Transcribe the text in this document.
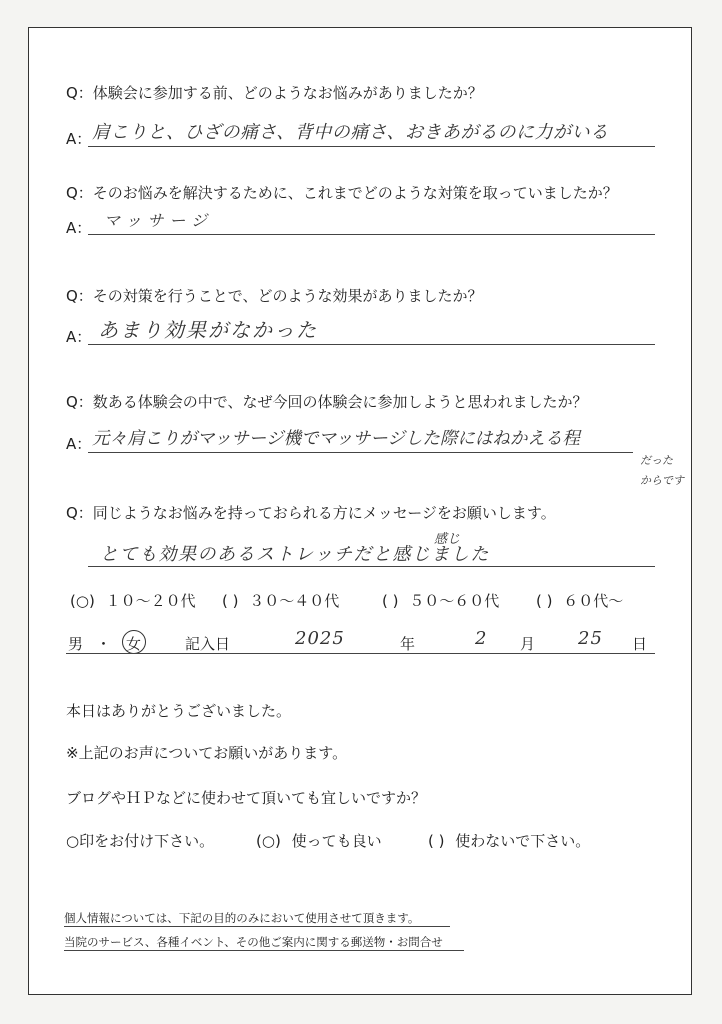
Q：体験会に参加する前、どのようなお悩みがありましたか？
A： 肩こりと、ひざの痛さ、背中の痛さ、おきあがるのに力がいる
Q：そのお悩みを解決するために、これまでどのような対策を取っていましたか？
A： マッサージ
Q：その対策を行うことで、どのような効果がありましたか？
A： あまり効果がなかった
Q：数ある体験会の中で、なぜ今回の体験会に参加しようと思われましたか？
A： 元々肩こりがマッサージ機でマッサージした際にはねかえる程
だった
からです
Q：同じようなお悩みを持っておられる方にメッセージをお願いします。
感じ
とても効果のあるストレッチだと感じました
(○) １０～２０代 ( ) ３０～４０代	( ) ５０～６０代 ( ) ６０代～
男 ・ 女	記入日	2025	年	2 月 25 日
本日はありがとうございました。
※上記のお声についてお願いがあります。
ブログやＨＰなどに使わせて頂いても宜しいですか？
○印をお付け下さい。	(○) 使っても良い	( ) 使わないで下さい。
個人情報については、下記の目的のみにおいて使用させて頂きます。
当院のサービス、各種イベント、その他ご案内に関する郵送物・お問合せ
